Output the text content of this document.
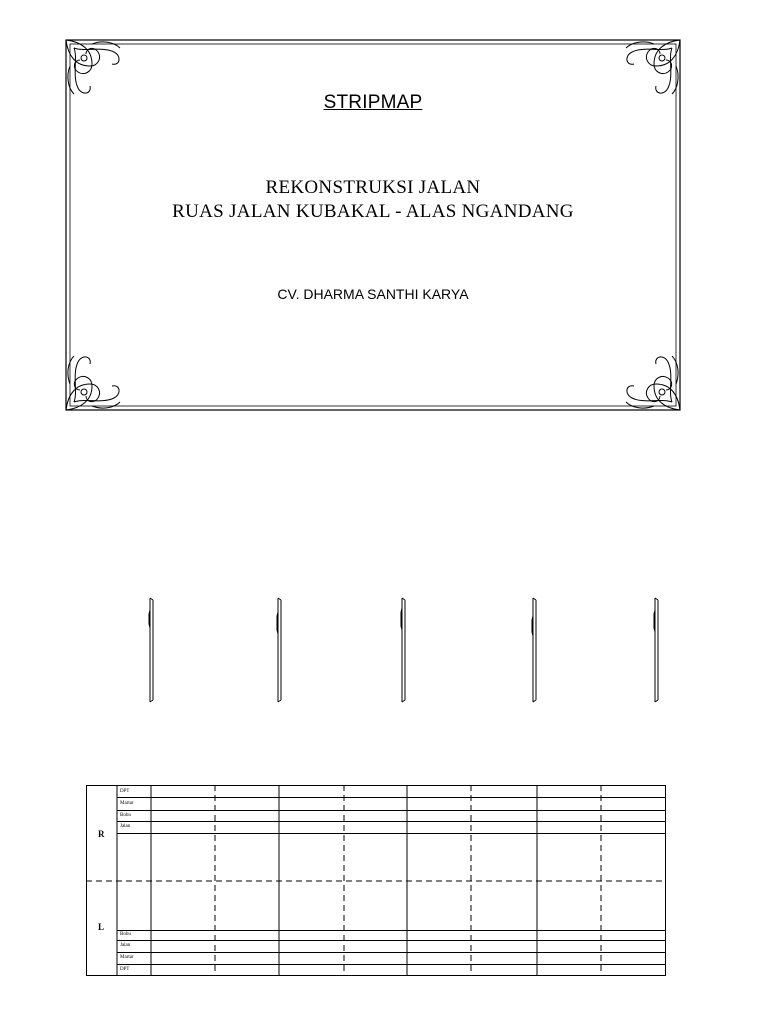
STRIPMAP
REKONSTRUKSI JALAN
RUAS JALAN KUBAKAL - ALAS NGANDANG
CV. DHARMA SANTHI KARYA
R
L
DPT
Martar
Bobu
Jalan
Bobu
Jalan
Martar
DPT
